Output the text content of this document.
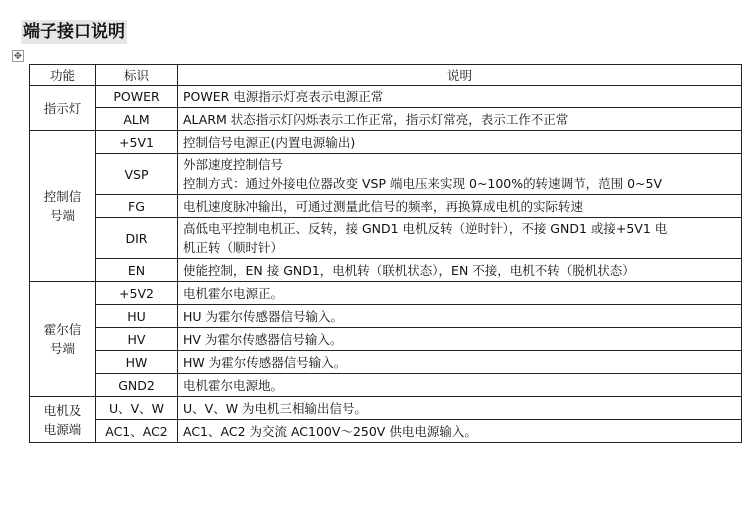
端子接口说明
✥
功能	标识	说明
指示灯	POWER	POWER 电源指示灯亮表示电源正常
	ALM	ALARM 状态指示灯闪烁表示工作正常，指示灯常亮，表示工作不正常
控制信
号端	+5V1	控制信号电源正(内置电源输出)
	VSP	外部速度控制信号
控制方式：通过外接电位器改变 VSP 端电压来实现 0~100%的转速调节，范围 0~5V
	FG	电机速度脉冲输出，可通过测量此信号的频率，再换算成电机的实际转速
	DIR	高低电平控制电机正、反转，接 GND1 电机反转（逆时针），不接 GND1 或接+5V1 电
机正转（顺时针）
	EN	使能控制，EN 接 GND1，电机转（联机状态），EN 不接，电机不转（脱机状态）
霍尔信
号端	+5V2	电机霍尔电源正。
	HU	HU 为霍尔传感器信号输入。
	HV	HV 为霍尔传感器信号输入。
	HW	HW 为霍尔传感器信号输入。
	GND2	电机霍尔电源地。
电机及
电源端	U、V、W	U、V、W 为电机三相输出信号。
	AC1、AC2	AC1、AC2 为交流 AC100V～250V 供电电源输入。
